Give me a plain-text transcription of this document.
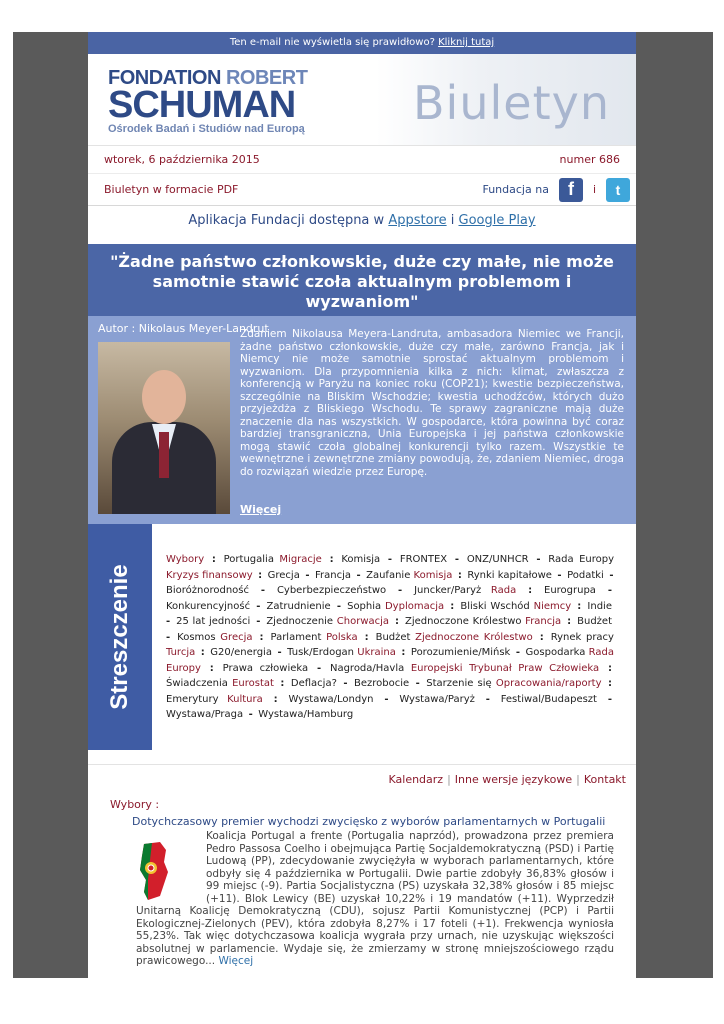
Ten e-mail nie wyświetla się prawidłowo? Kliknij tutaj
FONDATION ROBERT
SCHUMAN
Ośrodek Badań i Studiów nad Europą Biuletyn
wtorek, 6 października 2015	numer 686
Biuletyn w formacie PDF	Fundacja na	f	i	t
Aplikacja Fundacji dostępna w Appstore i Google Play
"Żadne państwo członkowskie, duże czy małe, nie może samotnie stawić czoła aktualnym problemom i wyzwaniom"
Autor : Nikolaus Meyer-Landrut
Zdaniem Nikolausa Meyera-Landruta, ambasadora Niemiec we Francji, żadne państwo członkowskie, duże czy małe, zarówno Francja, jak i Niemcy nie może samotnie sprostać aktualnym problemom i wyzwaniom. Dla przypomnienia kilka z nich: klimat, zwłaszcza z konferencją w Paryżu na koniec roku (COP21); kwestie bezpieczeństwa, szczególnie na Bliskim Wschodzie; kwestia uchodźców, których dużo przyjeżdża z Bliskiego Wschodu. Te sprawy zagraniczne mają duże znaczenie dla nas wszystkich. W gospodarce, która powinna być coraz bardziej transgraniczna, Unia Europejska i jej państwa członkowskie mogą stawić czoła globalnej konkurencji tylko razem. Wszystkie te wewnętrzne i zewnętrzne zmiany powodują, że, zdaniem Niemiec, droga do rozwiązań wiedzie przez Europę.
Więcej
Streszczenie
Wybory : Portugalia Migracje : Komisja - FRONTEX - ONZ/UNHCR - Rada Europy Kryzys finansowy : Grecja - Francja - Zaufanie Komisja : Rynki kapitałowe - Podatki - Bioróżnorodność - Cyberbezpieczeństwo - Juncker/Paryż Rada : Eurogrupa - Konkurencyjność - Zatrudnienie - Sophia Dyplomacja : Bliski Wschód Niemcy : Indie - 25 lat jedności - Zjednoczenie Chorwacja : Zjednoczone Królestwo Francja : Budżet - Kosmos Grecja : Parlament Polska : Budżet Zjednoczone Królestwo : Rynek pracy Turcja : G20/energia - Tusk/Erdogan Ukraina : Porozumienie/Mińsk - Gospodarka Rada Europy : Prawa człowieka - Nagroda/Havla Europejski Trybunał Praw Człowieka : Świadczenia Eurostat : Deflacja? - Bezrobocie - Starzenie się Opracowania/raporty : Emerytury Kultura : Wystawa/Londyn - Wystawa/Paryż - Festiwal/Budapeszt - Wystawa/Praga - Wystawa/Hamburg
Kalendarz | Inne wersje językowe | Kontakt
Wybory :
Dotychczasowy premier wychodzi zwycięsko z wyborów parlamentarnych w Portugalii
Koalicja Portugal a frente (Portugalia naprzód), prowadzona przez premiera Pedro Passosa Coelho i obejmująca Partię Socjaldemokratyczną (PSD) i Partię Ludową (PP), zdecydowanie zwyciężyła w wyborach parlamentarnych, które odbyły się 4 października w Portugalii. Dwie partie zdobyły 36,83% głosów i 99 miejsc (-9). Partia Socjalistyczna (PS) uzyskała 32,38% głosów i 85 miejsc (+11). Blok Lewicy (BE) uzyskał 10,22% i 19 mandatów (+11). Wyprzedził Unitarną Koalicję Demokratyczną (CDU), sojusz Partii Komunistycznej (PCP) i Partii Ekologicznej-Zielonych (PEV), która zdobyła 8,27% i 17 foteli (+1). Frekwencja wyniosła 55,23%. Tak więc dotychczasowa koalicja wygrała przy urnach, nie uzyskując większości absolutnej w parlamencie. Wydaje się, że zmierzamy w stronę mniejszościowego rządu prawicowego... Więcej
